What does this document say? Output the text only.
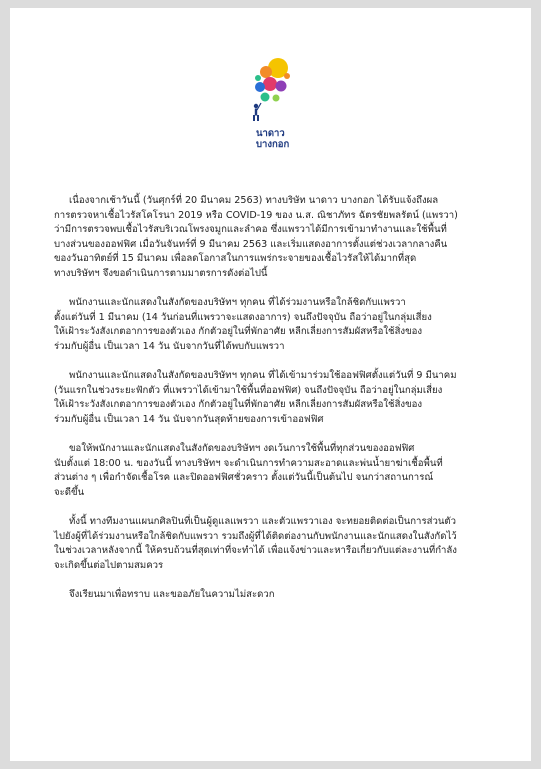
นาดาว
บางกอก
เนื่องจากเช้าวันนี้ (วันศุกร์ที่ 20 มีนาคม 2563) ทางบริษัท นาดาว บางกอก ได้รับแจ้งถึงผล
การตรวจหาเชื้อไวรัสโคโรนา 2019 หรือ COVID-19 ของ น.ส. ณิชาภัทร ฉัตรชัยพลรัตน์ (แพรวา)
ว่ามีการตรวจพบเชื้อไวรัสบริเวณโพรงจมูกและลำคอ ซึ่งแพรวาได้มีการเข้ามาทำงานและใช้พื้นที่
บางส่วนของออฟฟิศ เมื่อวันจันทร์ที่ 9 มีนาคม 2563 และเริ่มแสดงอาการตั้งแต่ช่วงเวลากลางคืน
ของวันอาทิตย์ที่ 15 มีนาคม เพื่อลดโอกาสในการแพร่กระจายของเชื้อไวรัสให้ได้มากที่สุด
ทางบริษัทฯ จึงขอดำเนินการตามมาตรการดังต่อไปนี้
พนักงานและนักแสดงในสังกัดของบริษัทฯ ทุกคน ที่ได้ร่วมงานหรือใกล้ชิดกับแพรวา
ตั้งแต่วันที่ 1 มีนาคม (14 วันก่อนที่แพรวาจะแสดงอาการ) จนถึงปัจจุบัน ถือว่าอยู่ในกลุ่มเสี่ยง
ให้เฝ้าระวังสังเกตอาการของตัวเอง กักตัวอยู่ในที่พักอาศัย หลีกเลี่ยงการสัมผัสหรือใช้สิ่งของ
ร่วมกับผู้อื่น เป็นเวลา 14 วัน นับจากวันที่ได้พบกับแพรวา
พนักงานและนักแสดงในสังกัดของบริษัทฯ ทุกคน ที่ได้เข้ามาร่วมใช้ออฟฟิศตั้งแต่วันที่ 9 มีนาคม
(วันแรกในช่วงระยะฟักตัว ที่แพรวาได้เข้ามาใช้พื้นที่ออฟฟิศ) จนถึงปัจจุบัน ถือว่าอยู่ในกลุ่มเสี่ยง
ให้เฝ้าระวังสังเกตอาการของตัวเอง กักตัวอยู่ในที่พักอาศัย หลีกเลี่ยงการสัมผัสหรือใช้สิ่งของ
ร่วมกับผู้อื่น เป็นเวลา 14 วัน นับจากวันสุดท้ายของการเข้าออฟฟิศ
ขอให้พนักงานและนักแสดงในสังกัดของบริษัทฯ งดเว้นการใช้พื้นที่ทุกส่วนของออฟฟิศ
นับตั้งแต่ 18:00 น. ของวันนี้ ทางบริษัทฯ จะดำเนินการทำความสะอาดและพ่นน้ำยาฆ่าเชื้อพื้นที่
ส่วนต่าง ๆ เพื่อกำจัดเชื้อโรค และปิดออฟฟิศชั่วคราว ตั้งแต่วันนี้เป็นต้นไป จนกว่าสถานการณ์
จะดีขึ้น
ทั้งนี้ ทางทีมงานแผนกศิลปินที่เป็นผู้ดูแลแพรวา และตัวแพรวาเอง จะทยอยติดต่อเป็นการส่วนตัว
ไปยังผู้ที่ได้ร่วมงานหรือใกล้ชิดกับแพรวา รวมถึงผู้ที่ได้ติดต่องานกับพนักงานและนักแสดงในสังกัดไว้
ในช่วงเวลาหลังจากนี้ ให้ครบถ้วนที่สุดเท่าที่จะทำได้ เพื่อแจ้งข่าวและหารือเกี่ยวกับแต่ละงานที่กำลัง
จะเกิดขึ้นต่อไปตามสมควร
จึงเรียนมาเพื่อทราบ และขออภัยในความไม่สะดวก
